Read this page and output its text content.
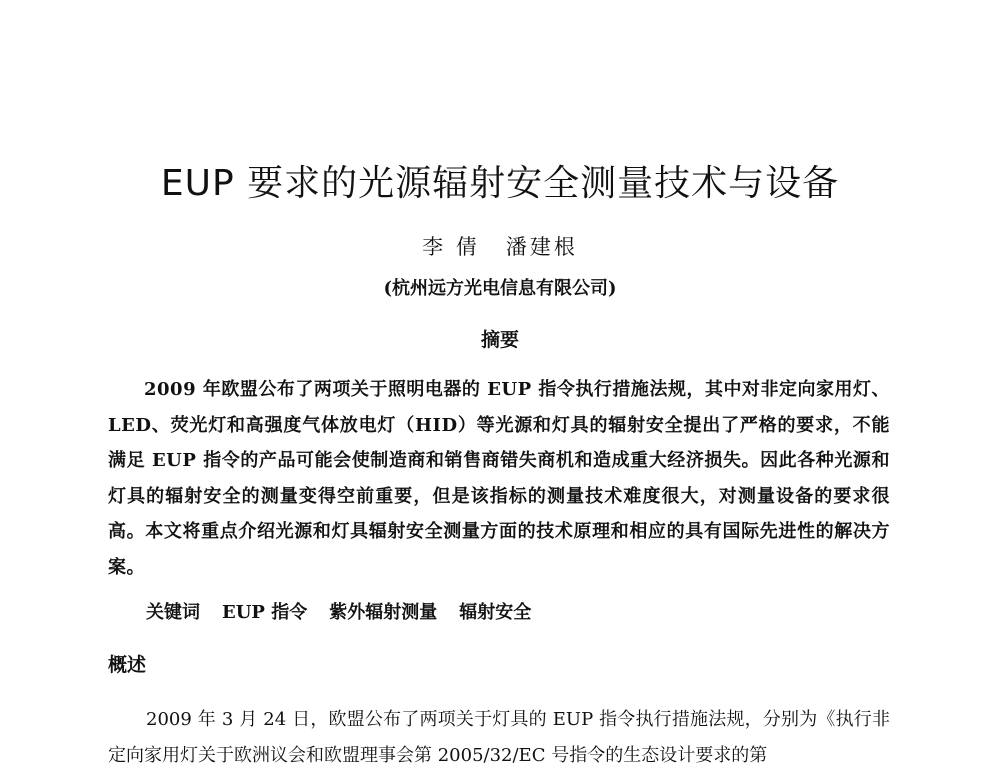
EUP 要求的光源辐射安全测量技术与设备
李 倩 潘建根
(杭州远方光电信息有限公司)
摘要

2009 年欧盟公布了两项关于照明电器的 EUP 指令执行措施法规，其中对非定向家用灯、LED、荧光灯和高强度气体放电灯（HID）等光源和灯具的辐射安全提出了严格的要求，不能满足 EUP 指令的产品可能会使制造商和销售商错失商机和造成重大经济损失。因此各种光源和灯具的辐射安全的测量变得空前重要，但是该指标的测量技术难度很大，对测量设备的要求很高。本文将重点介绍光源和灯具辐射安全测量方面的技术原理和相应的具有国际先进性的解决方案。

关键词 EUP 指令 紫外辐射测量 辐射安全
概述

2009 年 3 月 24 日，欧盟公布了两项关于灯具的 EUP 指令执行措施法规，分别为《执行非定向家用灯关于欧洲议会和欧盟理事会第 2005/32/EC 号指令的生态设计要求的第
